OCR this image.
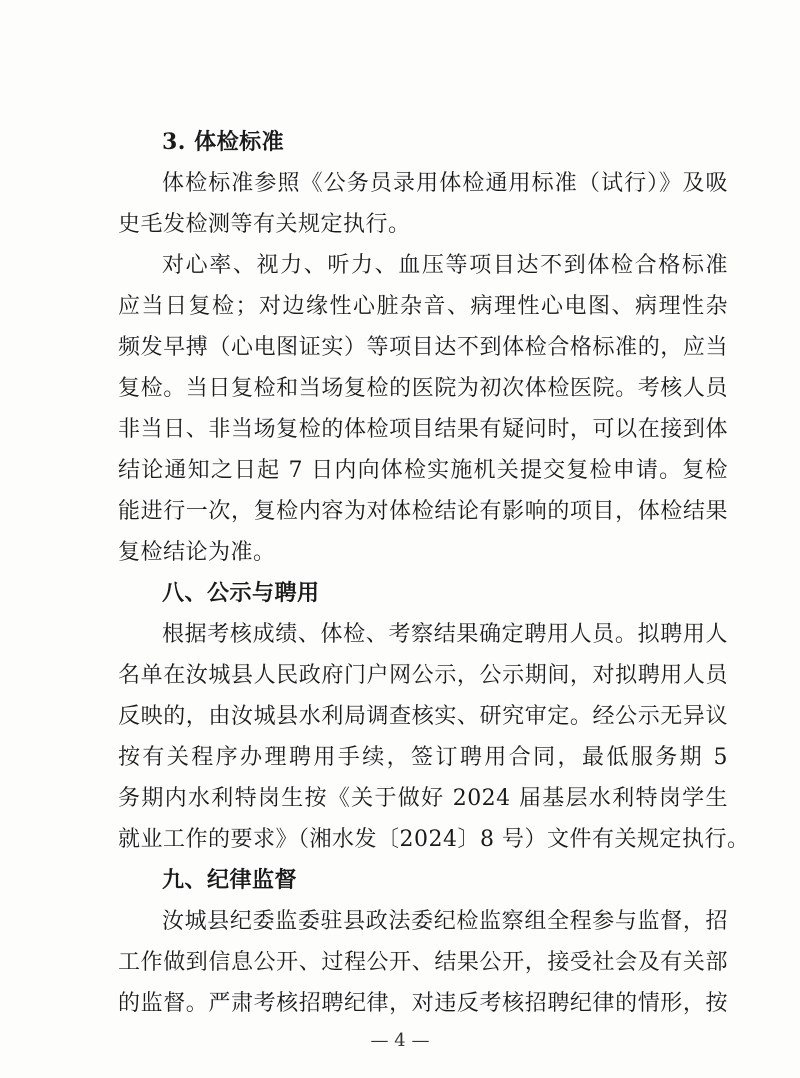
3. 体检标准
体检标准参照《公务员录用体检通用标准（试行）》及吸
史毛发检测等有关规定执行。
对心率、视力、听力、血压等项目达不到体检合格标准
应当日复检；对边缘性心脏杂音、病理性心电图、病理性杂
频发早搏（心电图证实）等项目达不到体检合格标准的，应当
复检。当日复检和当场复检的医院为初次体检医院。考核人员
非当日、非当场复检的体检项目结果有疑问时，可以在接到体
结论通知之日起 7 日内向体检实施机关提交复检申请。复检
能进行一次，复检内容为对体检结论有影响的项目，体检结果
复检结论为准。
八、公示与聘用
根据考核成绩、体检、考察结果确定聘用人员。拟聘用人
名单在汝城县人民政府门户网公示，公示期间，对拟聘用人员
反映的，由汝城县水利局调查核实、研究审定。经公示无异议
按有关程序办理聘用手续，签订聘用合同，最低服务期 5
务期内水利特岗生按《关于做好 2024 届基层水利特岗学生
就业工作的要求》（湘水发〔2024〕8 号）文件有关规定执行。
九、纪律监督
汝城县纪委监委驻县政法委纪检监察组全程参与监督，招
工作做到信息公开、过程公开、结果公开，接受社会及有关部
的监督。严肃考核招聘纪律，对违反考核招聘纪律的情形，按
— 4 —
